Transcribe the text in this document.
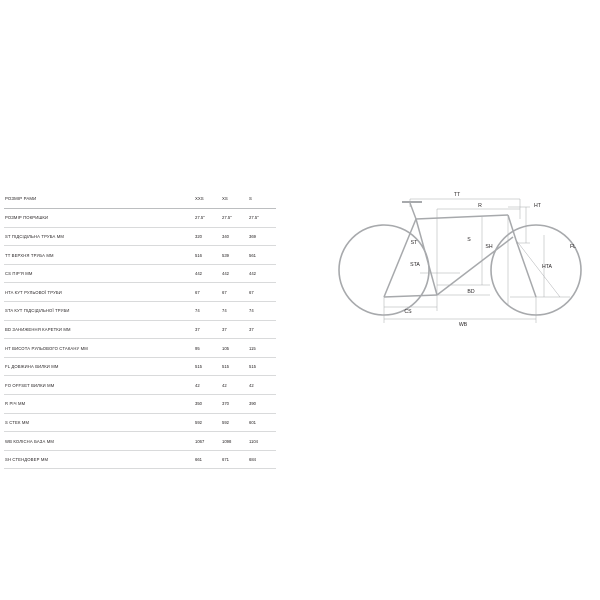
РОЗМІР РАМИ	XXS	XS	S
РОЗМІР ПОКРИШКИ	27.5"	27.5"	27.5"
ST ПІДСІДІЛЬНА ТРУБА ММ	320	340	369
TT ВЕРХНЯ ТРУБА ММ	516	539	561
CS ПІР'Я ММ	442	442	442
HTA КУТ РУЛЬОВОЇ ТРУБИ	67	67	67
STA КУТ ПІДСІДІЛЬНОЇ ТРУБИ	74	74	74
BD ЗАНИЖЕННЯ КАРЕТКИ ММ	37	37	37
HT ВИСОТА РУЛЬОВОГО СТАКАНУ ММ	95	105	115
FL ДОВЖИНА ВИЛКИ ММ	515	515	515
FO OFFSET ВИЛКИ ММ	42	42	42
R РІЧ ММ	350	370	390
S СТЕК ММ	592	592	601
WB КОЛІСНА БАЗА ММ	1067	1098	1104
SH СТЕНДОВЕР ММ	661	671	684
TT
R	HT
FL
HTA
SH
S
ST
STA
BD
CS
WB
